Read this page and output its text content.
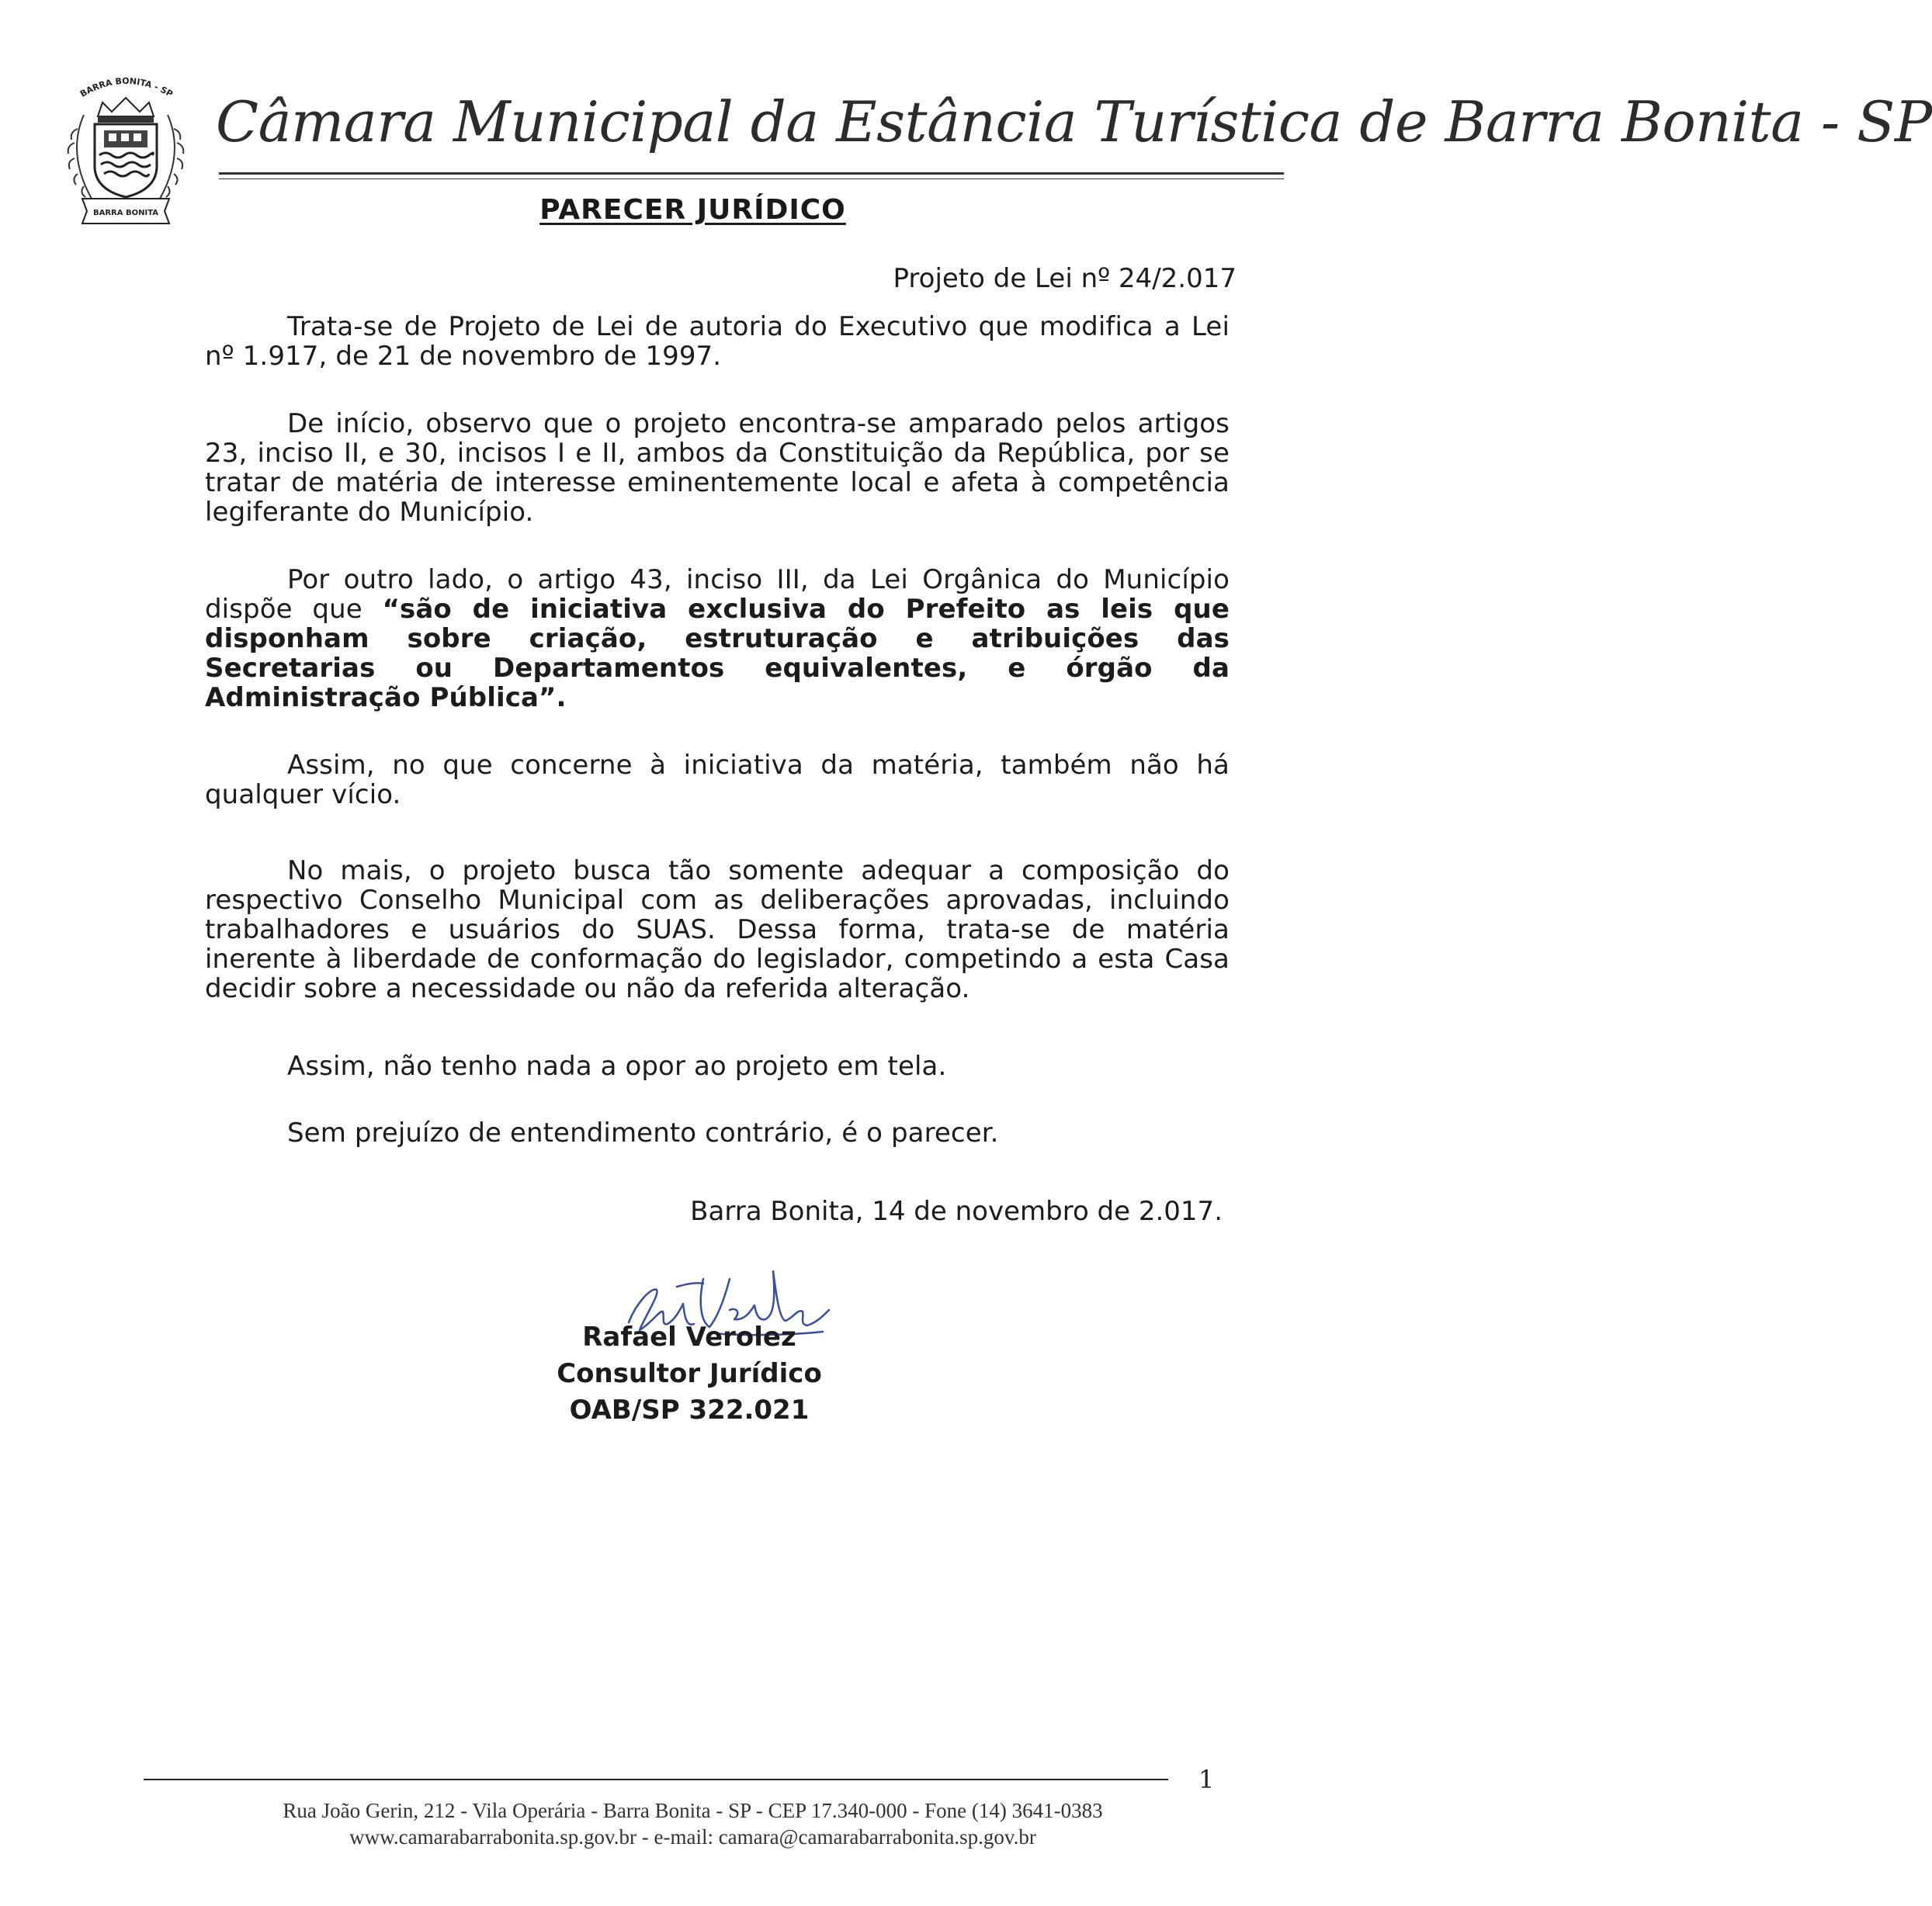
BARRA BONITA - SP
BARRA BONITA
Câmara Municipal da Estância Turística de Barra Bonita - SP
PARECER JURÍDICO
Projeto de Lei nº 24/2.017

Trata-se de Projeto de Lei de autoria do Executivo que modifica a Lei nº 1.917, de 21 de novembro de 1997.

De início, observo que o projeto encontra-se amparado pelos artigos 23, inciso II, e 30, incisos I e II, ambos da Constituição da República, por se tratar de matéria de interesse eminentemente local e afeta à competência legiferante do Município.

Por outro lado, o artigo 43, inciso III, da Lei Orgânica do Município dispõe que “são de iniciativa exclusiva do Prefeito as leis que disponham sobre criação, estruturação e atribuições das Secretarias ou Departamentos equivalentes, e órgão da Administração Pública”.

Assim, no que concerne à iniciativa da matéria, também não há qualquer vício.

No mais, o projeto busca tão somente adequar a composição do respectivo Conselho Municipal com as deliberações aprovadas, incluindo trabalhadores e usuários do SUAS. Dessa forma, trata-se de matéria inerente à liberdade de conformação do legislador, competindo a esta Casa decidir sobre a necessidade ou não da referida alteração.

Assim, não tenho nada a opor ao projeto em tela.

Sem prejuízo de entendimento contrário, é o parecer.

Barra Bonita, 14 de novembro de 2.017.
Rafael Verolez
Consultor Jurídico
OAB/SP 322.021
1
Rua João Gerin, 212 - Vila Operária - Barra Bonita - SP - CEP 17.340-000 - Fone (14) 3641-0383
www.camarabarrabonita.sp.gov.br - e-mail: camara@camarabarrabonita.sp.gov.br
